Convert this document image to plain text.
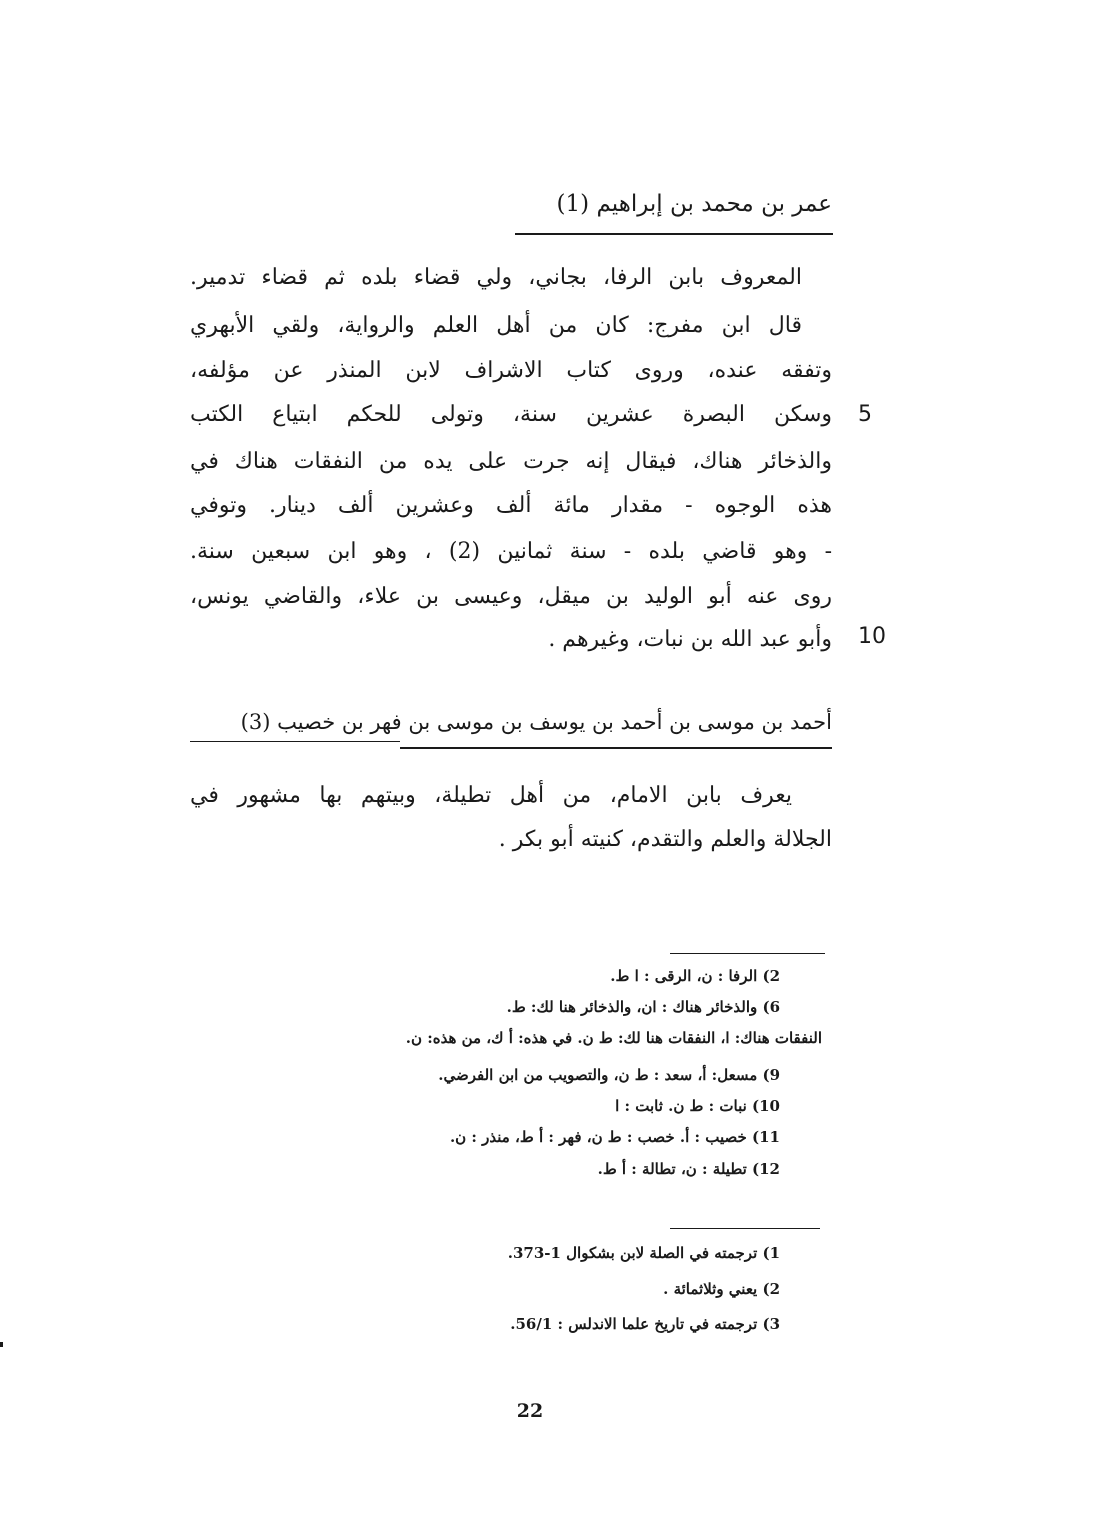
عمر بن محمد بن إبراهيم (1)
المعروف بابن الرفا، بجاني، ولي قضاء بلده ثم قضاء تدمير.
قال ابن مفرج: كان من أهل العلم والرواية، ولقي الأبهري
وتفقه عنده، وروى كتاب الاشراف لابن المنذر عن مؤلفه،
وسكن البصرة عشرين سنة، وتولى للحكم ابتياع الكتب
والذخائر هناك، فيقال إنه جرت على يده من النفقات هناك في
هذه الوجوه - مقدار مائة ألف وعشرين ألف دينار. وتوفي
- وهو قاضي بلده - سنة ثمانين (2) ، وهو ابن سبعين سنة.
روى عنه أبو الوليد بن ميقل، وعيسى بن علاء، والقاضي يونس،
وأبو عبد الله بن نبات، وغيرهم .
5
10
أحمد بن موسى بن أحمد بن يوسف بن موسى بن فهر بن خصيب (3)
يعرف بابن الامام، من أهل تطيلة، وبيتهم بها مشهور في
الجلالة والعلم والتقدم، كنيته أبو بكر .
2) الرفا : ن، الرقى : ا ط.
6) والذخائر هناك : ان، والذخائر هنا لك: ط.
النفقات هناك: ا، النفقات هنا لك: ط ن. في هذه: أ ك، من هذه: ن.
9) مسعل: أ، سعد : ط ن، والتصويب من ابن الفرضي.
10) نبات : ط ن. ثابت : ا
11) خصيب : أ. خصب : ط ن، فهر : أ ط، منذر : ن.
12) تطيلة : ن، تطالة : أ ط.
1) ترجمته في الصلة لابن بشكوال 1-373.
2) يعني وثلاثمائة .
3) ترجمته في تاريخ علما الاندلس : 56/1.
22
